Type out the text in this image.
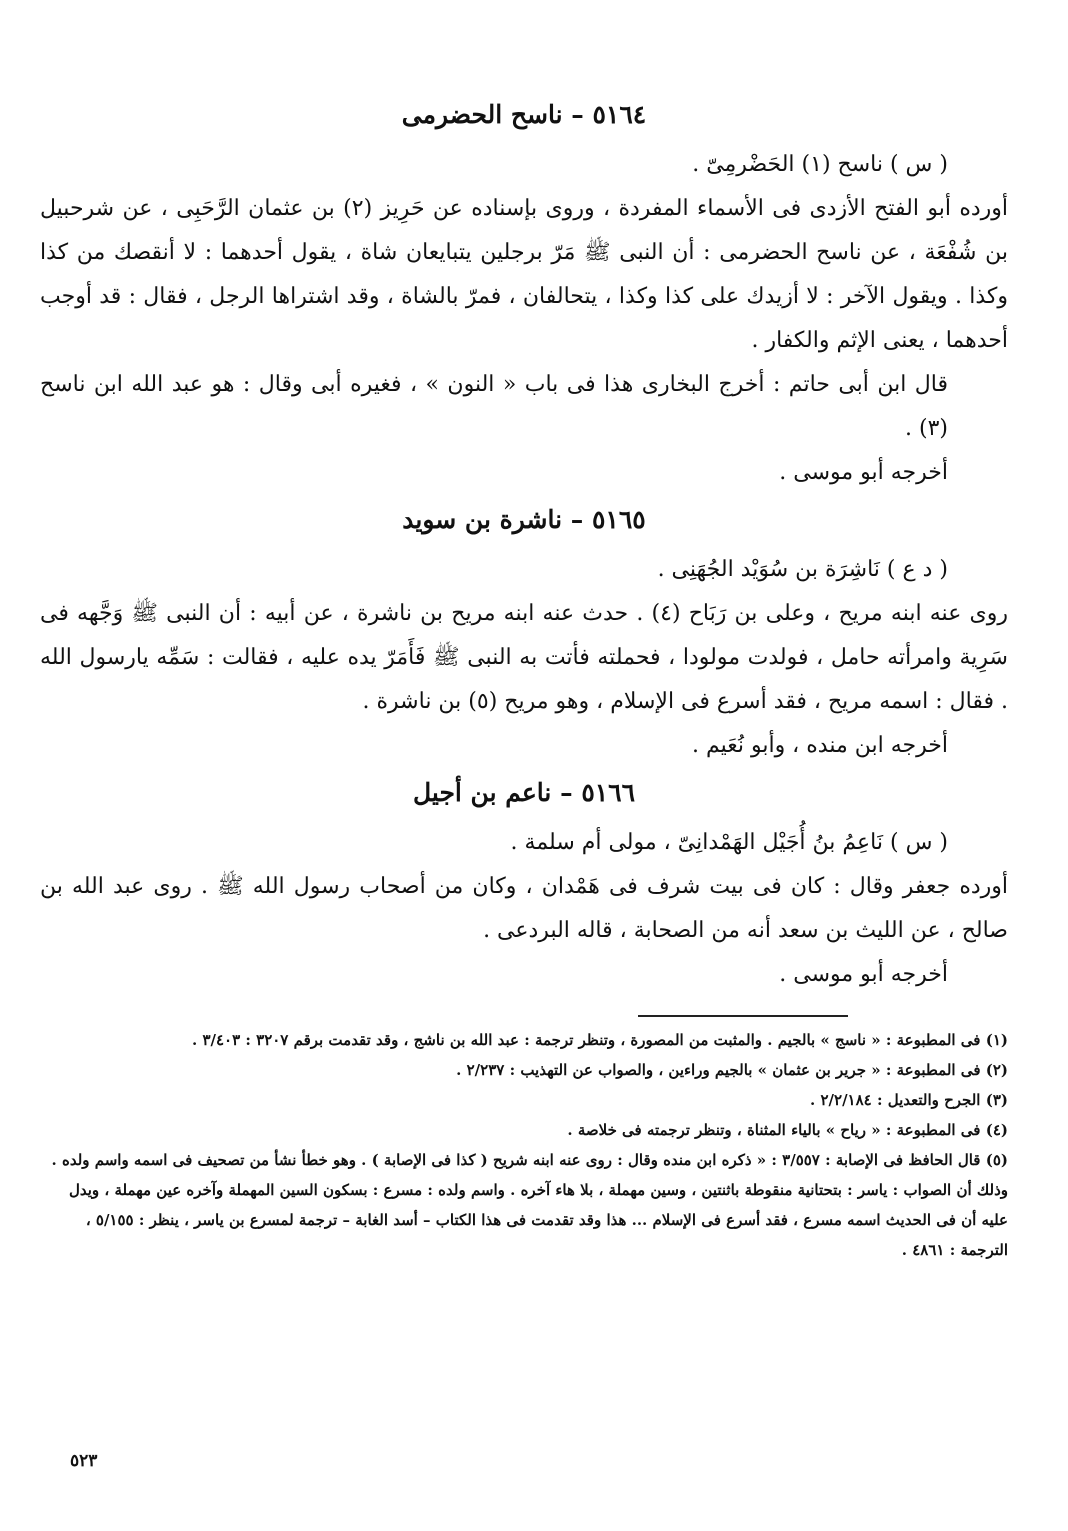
٥١٦٤ – ناسح الحضرمى

( س ) ناسح (١) الحَضْرمِىّ .

أورده أبو الفتح الأزدى فى الأسماء المفردة ، وروى بإسناده عن حَرِيز (٢) بن عثمان الرَّحَبِى ، عن شرحبيل بن شُفْعَة ، عن ناسح الحضرمى : أن النبى ﷺ مَرّ برجلين يتبايعان شاة ، يقول أحدهما : لا أنقصك من كذا وكذا . ويقول الآخر : لا أزيدك على كذا وكذا ، يتحالفان ، فمرّ بالشاة ، وقد اشتراها الرجل ، فقال : قد أوجب أحدهما ، يعنى الإثم والكفار .

قال ابن أبى حاتم : أخرج البخارى هذا فى باب « النون » ، فغيره أبى وقال : هو عبد الله ابن ناسح (٣) .

أخرجه أبو موسى .

٥١٦٥ – ناشرة بن سويد

( د ع ) نَاشِرَة بن سُوَيْد الجُهَنِى .

روى عنه ابنه مريح ، وعلى بن رَبَاح (٤) . حدث عنه ابنه مريح بن ناشرة ، عن أبيه : أن النبى ﷺ وَجَّهه فى سَرِية وامرأته حامل ، فولدت مولودا ، فحملته فأتت به النبى ﷺ فَأَمَرّ يده عليه ، فقالت : سَمِّه يارسول الله . فقال : اسمه مريح ، فقد أسرع فى الإسلام ، وهو مريح (٥) بن ناشرة .

أخرجه ابن منده ، وأبو نُعَيم .

٥١٦٦ – ناعم بن أجيل

( س ) نَاعِمُ بنُ أُجَيْل الهَمْدانِىّ ، مولى أم سلمة .

أورده جعفر وقال : كان فى بيت شرف فى هَمْدان ، وكان من أصحاب رسول الله ﷺ . روى عبد الله بن صالح ، عن الليث بن سعد أنه من الصحابة ، قاله البردعى .

أخرجه أبو موسى .

(١) فى المطبوعة : « ناسج » بالجيم . والمثبت من المصورة ، وتنظر ترجمة : عبد الله بن ناشج ، وقد تقدمت برقم ٣٢٠٧ : ٣/٤٠٣ .

(٢) فى المطبوعة : « جرير بن عثمان » بالجيم وراءين ، والصواب عن التهذيب : ٢/٢٣٧ .

(٣) الجرح والتعديل : ٢/٢/١٨٤ .

(٤) فى المطبوعة : « رياح » بالياء المثناة ، وتنظر ترجمته فى خلاصة .

(٥) قال الحافظ فى الإصابة : ٣/٥٥٧ : « ذكره ابن منده وقال : روى عنه ابنه شريح ( كذا فى الإصابة ) . وهو خطأ نشأ من تصحيف فى اسمه واسم ولده . وذلك أن الصواب : ياسر : بتحتانية منقوطة باثنتين ، وسين مهملة ، بلا هاء آخره . واسم ولده : مسرع : بسكون السين المهملة وآخره عين مهملة ، ويدل عليه أن فى الحديث اسمه مسرع ، فقد أسرع فى الإسلام ... هذا وقد تقدمت فى هذا الكتاب – أسد الغابة – ترجمة لمسرع بن ياسر ، ينظر : ٥/١٥٥ ، الترجمة : ٤٨٦١ .

٥٢٣
